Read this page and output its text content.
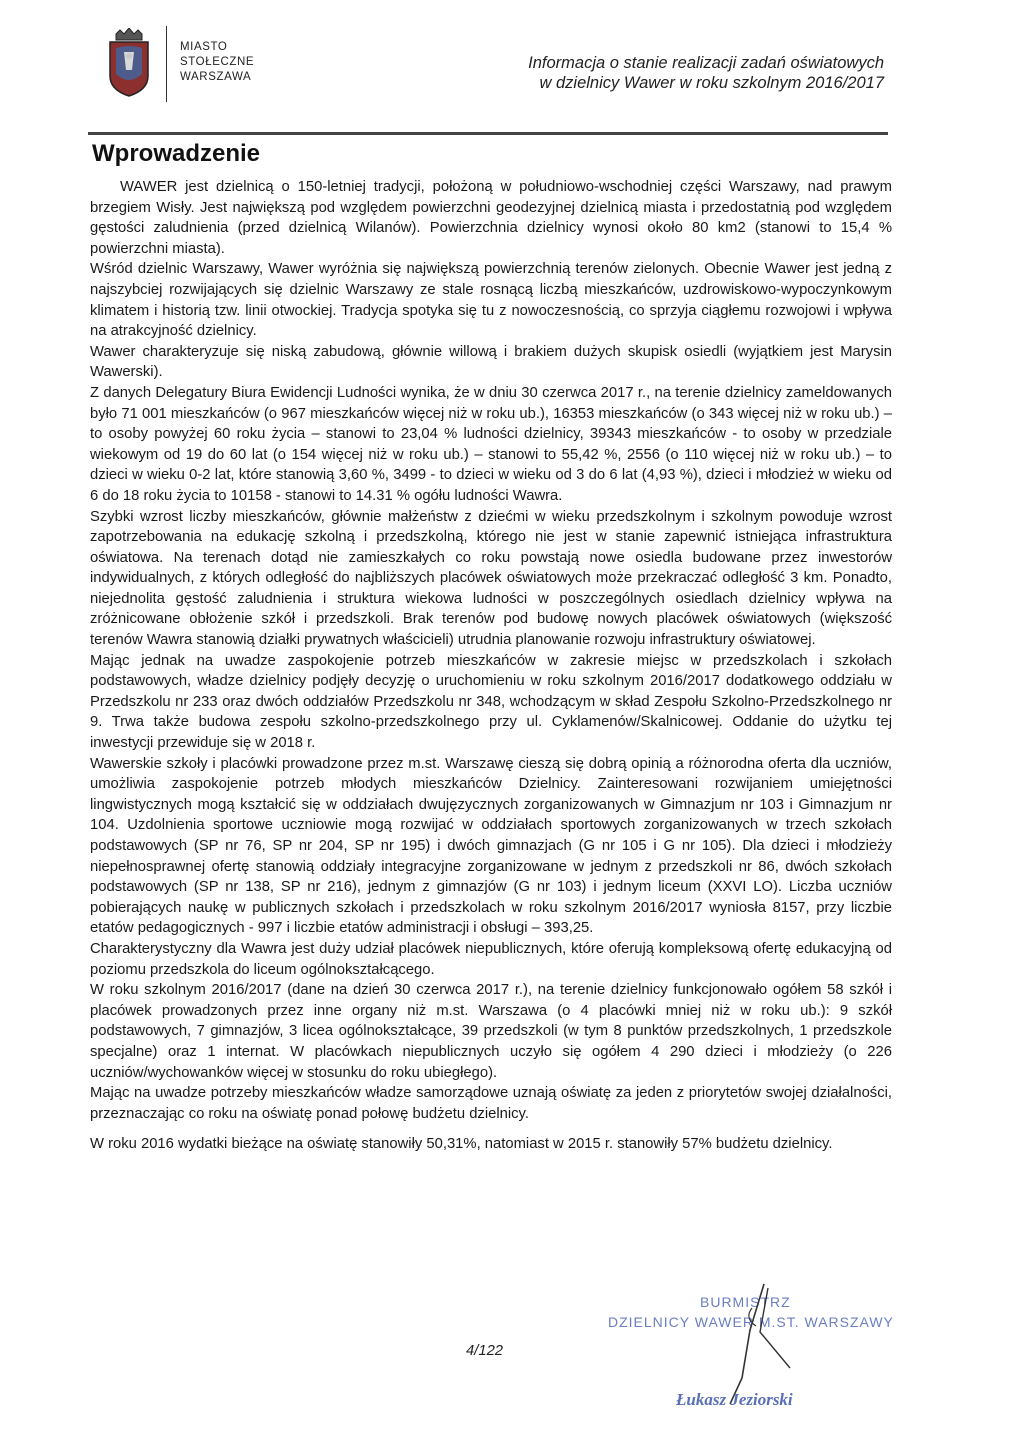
MIASTO
STOŁECZNE
WARSZAWA
Informacja o stanie realizacji zadań oświatowych
w dzielnicy Wawer w roku szkolnym 2016/2017
Wprowadzenie

WAWER jest dzielnicą o 150-letniej tradycji, położoną w południowo-wschodniej części Warszawy, nad prawym brzegiem Wisły. Jest największą pod względem powierzchni geodezyjnej dzielnicą miasta i przedostatnią pod względem gęstości zaludnienia (przed dzielnicą Wilanów). Powierzchnia dzielnicy wynosi około 80 km2 (stanowi to 15,4 % powierzchni miasta).

Wśród dzielnic Warszawy, Wawer wyróżnia się największą powierzchnią terenów zielonych. Obecnie Wawer jest jedną z najszybciej rozwijających się dzielnic Warszawy ze stale rosnącą liczbą mieszkańców, uzdrowiskowo-wypoczynkowym klimatem i historią tzw. linii otwockiej. Tradycja spotyka się tu z nowoczesnością, co sprzyja ciągłemu rozwojowi i wpływa na atrakcyjność dzielnicy.

Wawer charakteryzuje się niską zabudową, głównie willową i brakiem dużych skupisk osiedli (wyjątkiem jest Marysin Wawerski).

Z danych Delegatury Biura Ewidencji Ludności wynika, że w dniu 30 czerwca 2017 r., na terenie dzielnicy zameldowanych było 71 001 mieszkańców (o 967 mieszkańców więcej niż w roku ub.), 16353 mieszkańców (o 343 więcej niż w roku ub.) – to osoby powyżej 60 roku życia – stanowi to 23,04 % ludności dzielnicy, 39343 mieszkańców - to osoby w przedziale wiekowym od 19 do 60 lat (o 154 więcej niż w roku ub.) – stanowi to 55,42 %, 2556 (o 110 więcej niż w roku ub.) – to dzieci w wieku 0-2 lat, które stanowią 3,60 %, 3499 - to dzieci w wieku od 3 do 6 lat (4,93 %), dzieci i młodzież w wieku od 6 do 18 roku życia to 10158 - stanowi to 14.31 % ogółu ludności Wawra.

Szybki wzrost liczby mieszkańców, głównie małżeństw z dziećmi w wieku przedszkolnym i szkolnym powoduje wzrost zapotrzebowania na edukację szkolną i przedszkolną, którego nie jest w stanie zapewnić istniejąca infrastruktura oświatowa. Na terenach dotąd nie zamieszkałych co roku powstają nowe osiedla budowane przez inwestorów indywidualnych, z których odległość do najbliższych placówek oświatowych może przekraczać odległość 3 km. Ponadto, niejednolita gęstość zaludnienia i struktura wiekowa ludności w poszczególnych osiedlach dzielnicy wpływa na zróżnicowane obłożenie szkół i przedszkoli. Brak terenów pod budowę nowych placówek oświatowych (większość terenów Wawra stanowią działki prywatnych właścicieli) utrudnia planowanie rozwoju infrastruktury oświatowej.

Mając jednak na uwadze zaspokojenie potrzeb mieszkańców w zakresie miejsc w przedszkolach i szkołach podstawowych, władze dzielnicy podjęły decyzję o uruchomieniu w roku szkolnym 2016/2017 dodatkowego oddziału w Przedszkolu nr 233 oraz dwóch oddziałów Przedszkolu nr 348, wchodzącym w skład Zespołu Szkolno-Przedszkolnego nr 9. Trwa także budowa zespołu szkolno-przedszkolnego przy ul. Cyklamenów/Skalnicowej. Oddanie do użytku tej inwestycji przewiduje się w 2018 r.

Wawerskie szkoły i placówki prowadzone przez m.st. Warszawę cieszą się dobrą opinią a różnorodna oferta dla uczniów, umożliwia zaspokojenie potrzeb młodych mieszkańców Dzielnicy. Zainteresowani rozwijaniem umiejętności lingwistycznych mogą kształcić się w oddziałach dwujęzycznych zorganizowanych w Gimnazjum nr 103 i Gimnazjum nr 104. Uzdolnienia sportowe uczniowie mogą rozwijać w oddziałach sportowych zorganizowanych w trzech szkołach podstawowych (SP nr 76, SP nr 204, SP nr 195) i dwóch gimnazjach (G nr 105 i G nr 105). Dla dzieci i młodzieży niepełnosprawnej ofertę stanowią oddziały integracyjne zorganizowane w jednym z przedszkoli nr 86, dwóch szkołach podstawowych (SP nr 138, SP nr 216), jednym z gimnazjów (G nr 103) i jednym liceum (XXVI LO). Liczba uczniów pobierających naukę w publicznych szkołach i przedszkolach w roku szkolnym 2016/2017 wyniosła 8157, przy liczbie etatów pedagogicznych - 997 i liczbie etatów administracji i obsługi – 393,25.

Charakterystyczny dla Wawra jest duży udział placówek niepublicznych, które oferują kompleksową ofertę edukacyjną od poziomu przedszkola do liceum ogólnokształcącego.

W roku szkolnym 2016/2017 (dane na dzień 30 czerwca 2017 r.), na terenie dzielnicy funkcjonowało ogółem 58 szkół i placówek prowadzonych przez inne organy niż m.st. Warszawa (o 4 placówki mniej niż w roku ub.): 9 szkół podstawowych, 7 gimnazjów, 3 licea ogólnokształcące, 39 przedszkoli (w tym 8 punktów przedszkolnych, 1 przedszkole specjalne) oraz 1 internat. W placówkach niepublicznych uczyło się ogółem 4 290 dzieci i młodzieży (o 226 uczniów/wychowanków więcej w stosunku do roku ubiegłego).

Mając na uwadze potrzeby mieszkańców władze samorządowe uznają oświatę za jeden z priorytetów swojej działalności, przeznaczając co roku na oświatę ponad połowę budżetu dzielnicy.

W roku 2016 wydatki bieżące na oświatę stanowiły 50,31%, natomiast w 2015 r. stanowiły 57% budżetu dzielnicy.

4/122
BURMISTRZ
DZIELNICY WAWER M.ST. WARSZAWY
Łukasz Jeziorski
